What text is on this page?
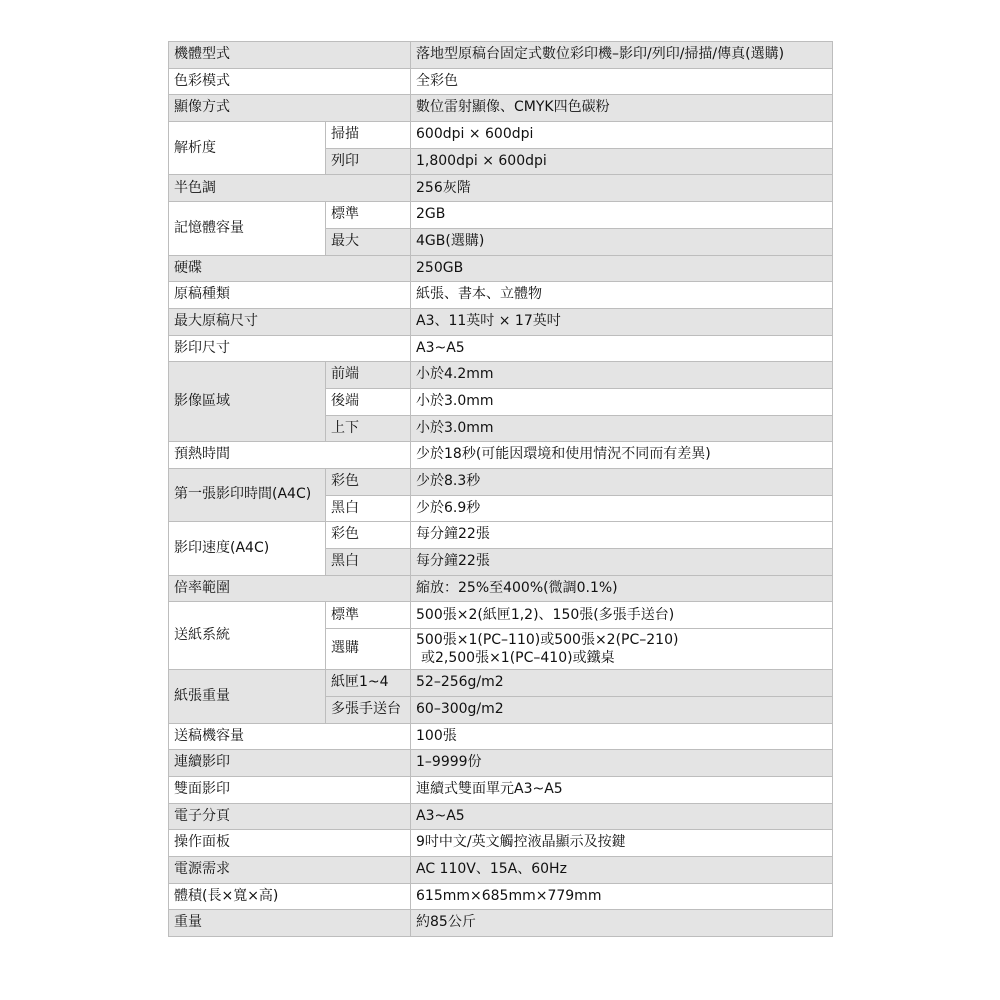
機體型式		落地型原稿台固定式數位彩印機–影印/列印/掃描/傳真(選購)
色彩模式		全彩色
顯像方式		數位雷射顯像、CMYK四色碳粉
解析度	掃描	600dpi × 600dpi
	列印	1,800dpi × 600dpi
半色調		256灰階
記憶體容量	標準	2GB
	最大	4GB(選購)
硬碟		250GB
原稿種類		紙張、書本、立體物
最大原稿尺寸		A3、11英吋 × 17英吋
影印尺寸		A3~A5
影像區域	前端	小於4.2mm
	後端	小於3.0mm
	上下	小於3.0mm
預熱時間		少於18秒(可能因環境和使用情況不同而有差異)
第一張影印時間(A4C)	彩色	少於8.3秒
	黑白	少於6.9秒
影印速度(A4C)	彩色	每分鐘22張
	黑白	每分鐘22張
倍率範圍		縮放：25%至400%(微調0.1%)
送紙系統	標準	500張×2(紙匣1,2)、150張(多張手送台)
	選購	500張×1(PC–110)或500張×2(PC–210)
或2,500張×1(PC–410)或鐵桌

紙張重量	紙匣1~4	52–256g/m2
	多張手送台	60–300g/m2
送稿機容量		100張
連續影印		1–9999份
雙面影印		連續式雙面單元A3~A5
電子分頁		A3~A5
操作面板		9吋中文/英文觸控液晶顯示及按鍵
電源需求		AC 110V、15A、60Hz
體積(長×寬×高)		615mm×685mm×779mm
重量		約85公斤
